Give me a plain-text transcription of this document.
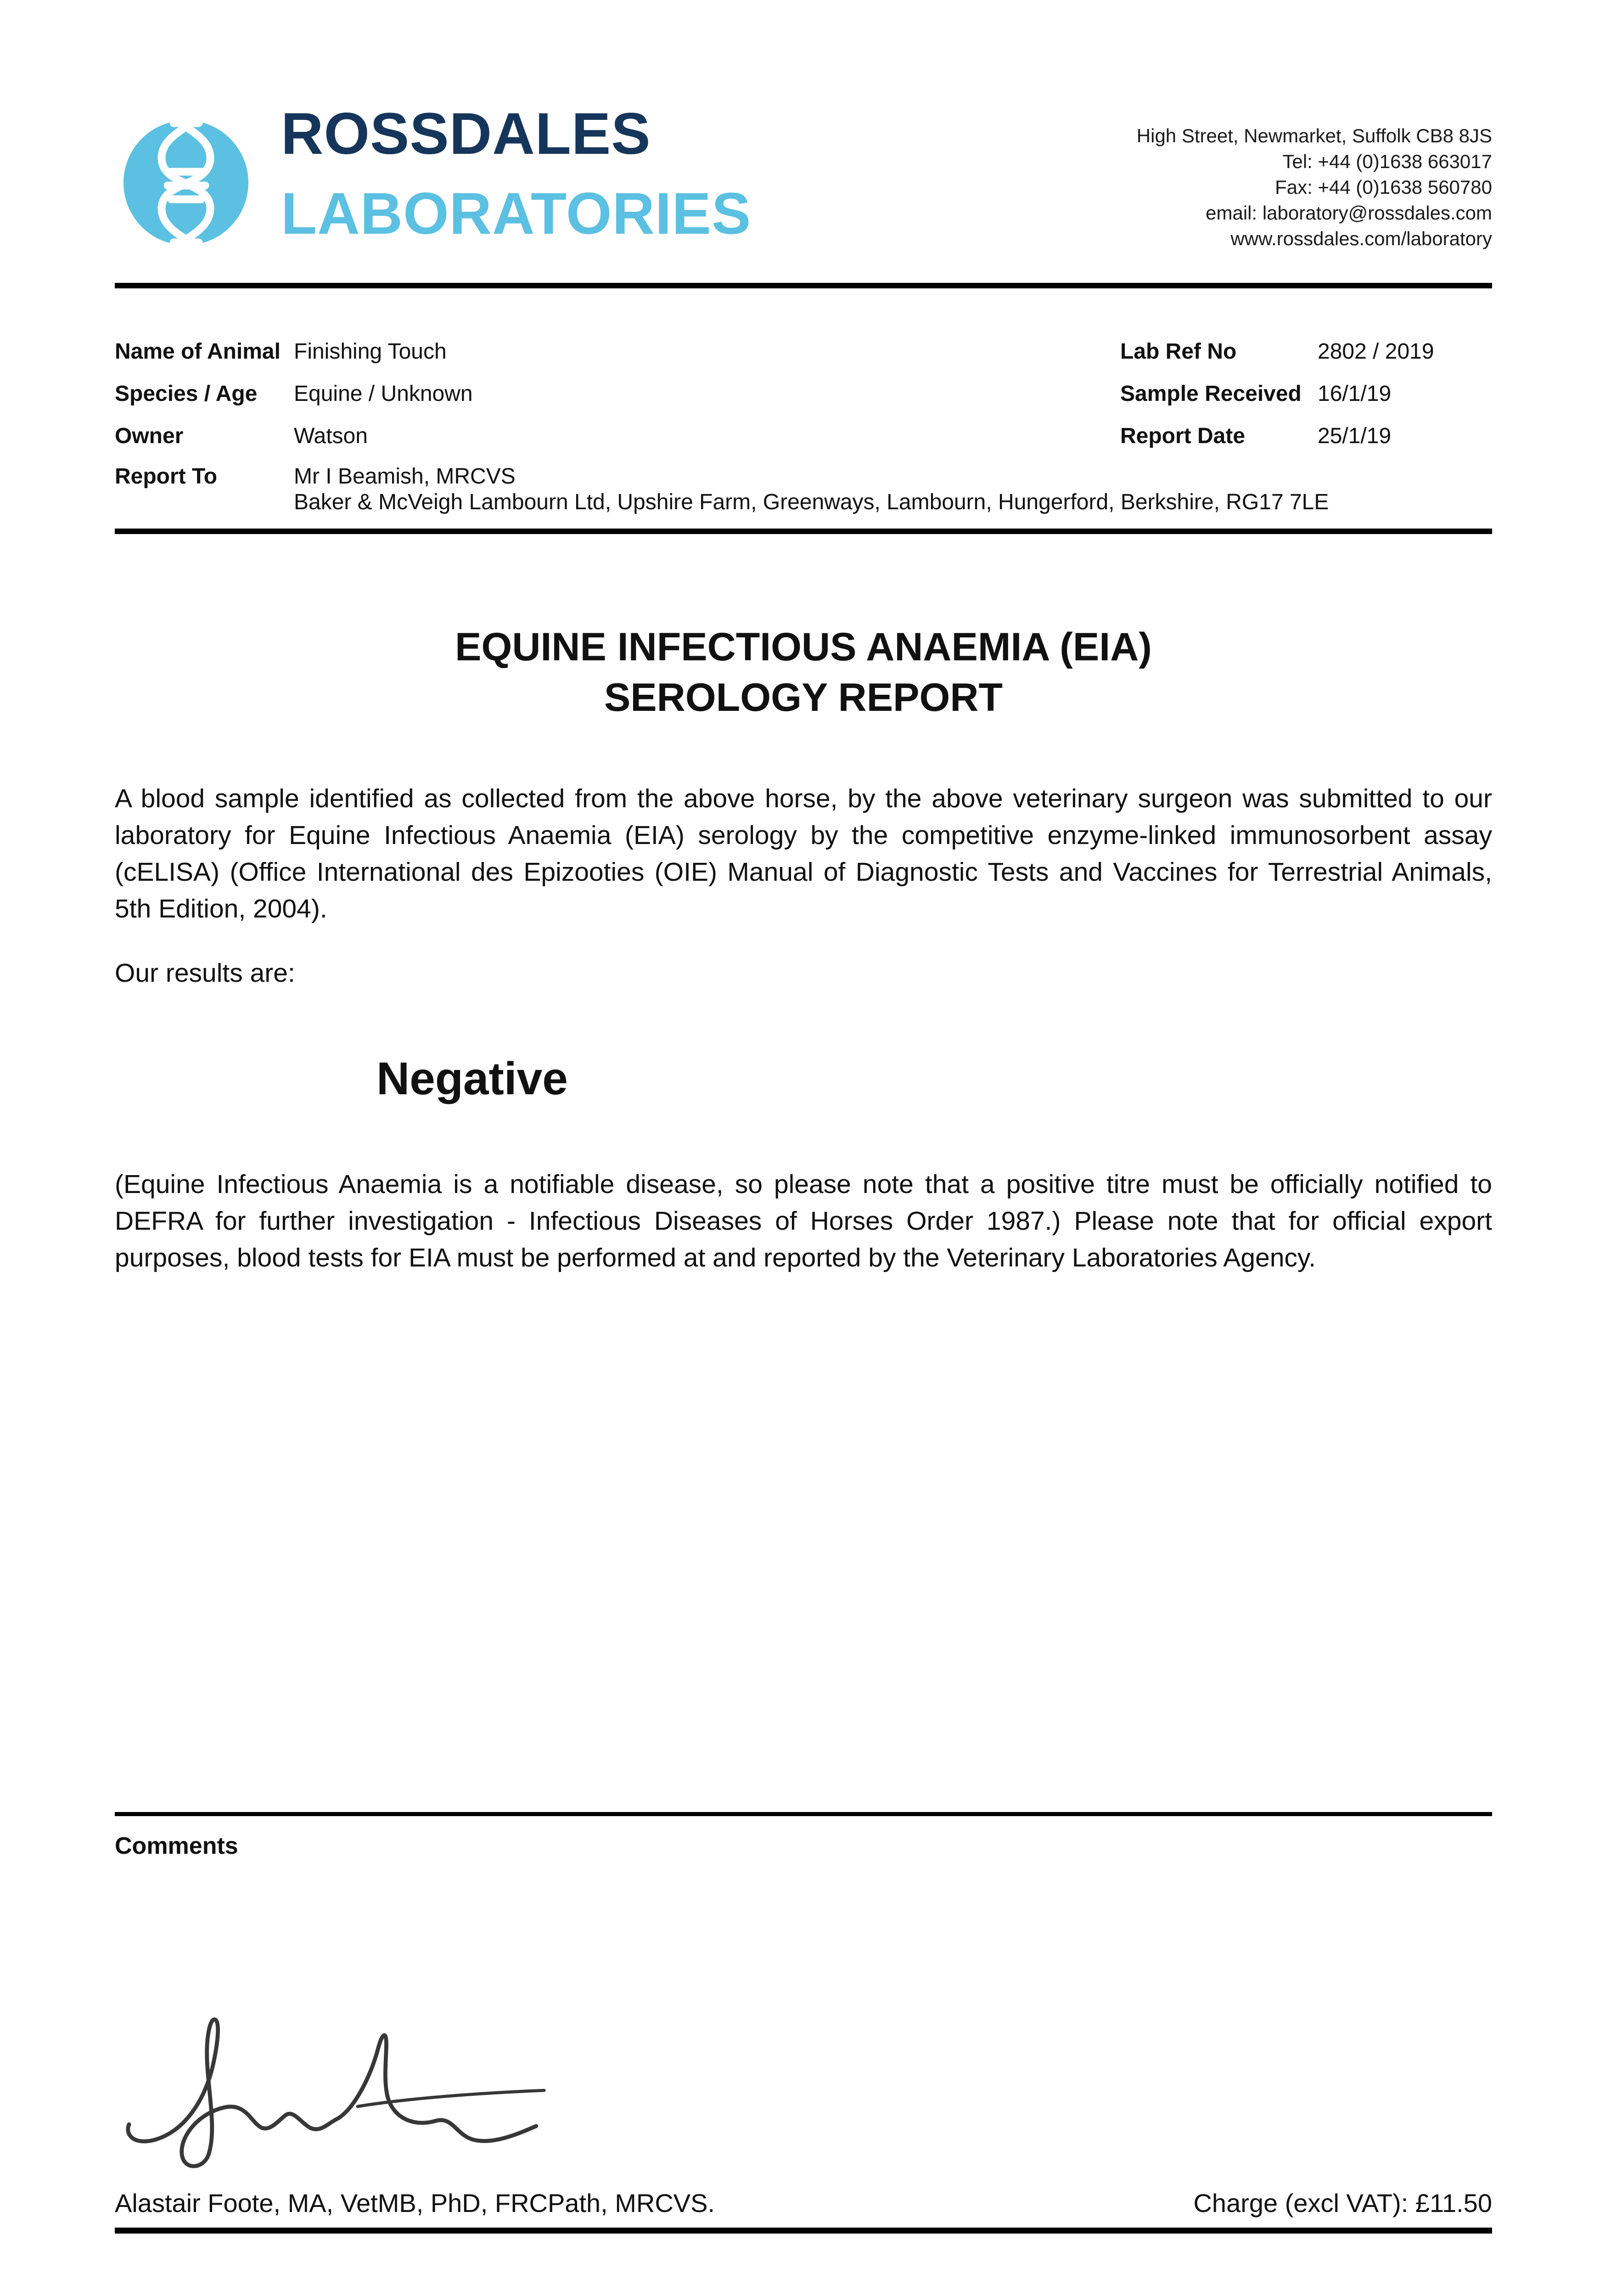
ROSSDALES
LABORATORIES
High Street, Newmarket, Suffolk CB8 8JS
Tel: +44 (0)1638 663017
Fax: +44 (0)1638 560780
email: laboratory@rossdales.com
www.rossdales.com/laboratory
Name of Animal Finishing Touch
Species / Age	Equine / Unknown
Owner	Watson
Lab Ref No	2802 / 2019
Sample Received 16/1/19
Report Date	25/1/19
Report To	Mr I Beamish, MRCVS
Baker & McVeigh Lambourn Ltd, Upshire Farm, Greenways, Lambourn, Hungerford, Berkshire, RG17 7LE
EQUINE INFECTIOUS ANAEMIA (EIA)
SEROLOGY REPORT
A blood sample identified as collected from the above horse, by the above veterinary surgeon was submitted to our laboratory for Equine Infectious Anaemia (EIA) serology by the competitive enzyme-linked immunosorbent assay (cELISA) (Office International des Epizooties (OIE) Manual of Diagnostic Tests and Vaccines for Terrestrial Animals, 5th Edition, 2004).
Our results are:
Negative
(Equine Infectious Anaemia is a notifiable disease, so please note that a positive titre must be officially notified to DEFRA for further investigation - Infectious Diseases of Horses Order 1987.) Please note that for official export purposes, blood tests for EIA must be performed at and reported by the Veterinary Laboratories Agency.
Comments
Alastair Foote, MA, VetMB, PhD, FRCPath, MRCVS.	Charge (excl VAT): £11.50
